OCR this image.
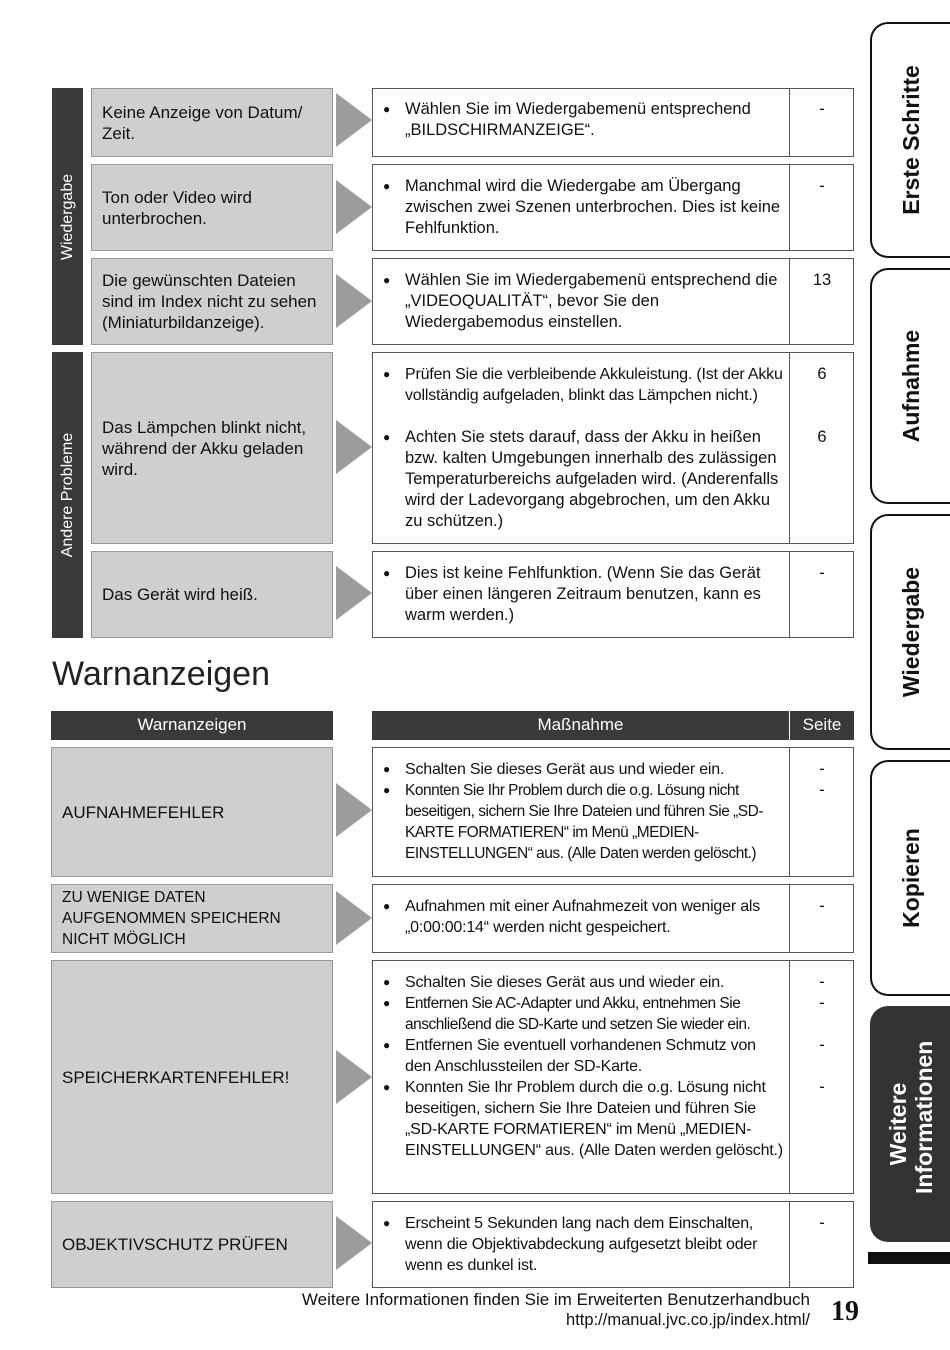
Wiedergabe
Andere Probleme
Keine Anzeige von Datum/ Zeit.
● Wählen Sie im Wiedergabemenü entsprechend „BILDSCHIRMANZEIGE“.
-
Ton oder Video wird unterbrochen.
● Manchmal wird die Wiedergabe am Übergang zwischen zwei Szenen unterbrochen. Dies ist keine Fehlfunktion.
-
Die gewünschten Dateien sind im Index nicht zu sehen (Miniaturbildanzeige).
● Wählen Sie im Wiedergabemenü entsprechend die „VIDEOQUALITÄT“, bevor Sie den Wiedergabemodus einstellen.
13
Das Lämpchen blinkt nicht, während der Akku geladen wird.
● Prüfen Sie die verbleibende Akkuleistung. (Ist der Akku vollständig aufgeladen, blinkt das Lämpchen nicht.)
6
● Achten Sie stets darauf, dass der Akku in heißen bzw. kalten Umgebungen innerhalb des zulässigen Temperaturbereichs aufgeladen wird. (Anderenfalls wird der Ladevorgang abgebrochen, um den Akku zu schützen.)
6
Das Gerät wird heiß.
● Dies ist keine Fehlfunktion. (Wenn Sie das Gerät über einen längeren Zeitraum benutzen, kann es warm werden.)
-
Warnanzeigen
Warnanzeigen	Maßnahme	Seite
AUFNAHMEFEHLER
● Schalten Sie dieses Gerät aus und wieder ein.	-
● Konnten Sie Ihr Problem durch die o.g. Lösung nicht beseitigen, sichern Sie Ihre Dateien und führen Sie „SD-KARTE FORMATIEREN“ im Menü „MEDIEN-EINSTELLUNGEN“ aus. (Alle Daten werden gelöscht.)
-
ZU WENIGE DATEN AUFGENOMMEN SPEICHERN NICHT MÖGLICH
● Aufnahmen mit einer Aufnahmezeit von weniger als „0:00:00:14“ werden nicht gespeichert.
-
SPEICHERKARTENFEHLER!
● Schalten Sie dieses Gerät aus und wieder ein.	-
● Entfernen Sie AC-Adapter und Akku, entnehmen Sie anschließend die SD-Karte und setzen Sie wieder ein.
-
● Entfernen Sie eventuell vorhandenen Schmutz von den Anschlussteilen der SD-Karte.
-
● Konnten Sie Ihr Problem durch die o.g. Lösung nicht beseitigen, sichern Sie Ihre Dateien und führen Sie „SD-KARTE FORMATIEREN“ im Menü „MEDIEN-EINSTELLUNGEN“ aus. (Alle Daten werden gelöscht.)
-
OBJEKTIVSCHUTZ PRÜFEN
● Erscheint 5 Sekunden lang nach dem Einschalten, wenn die Objektivabdeckung aufgesetzt bleibt oder wenn es dunkel ist.
-
Erste Schritte
Aufnahme
Wiedergabe
Kopieren
Weitere Informationen
Weitere Informationen finden Sie im Erweiterten Benutzerhandbuch
http://manual.jvc.co.jp/index.html/ 19
